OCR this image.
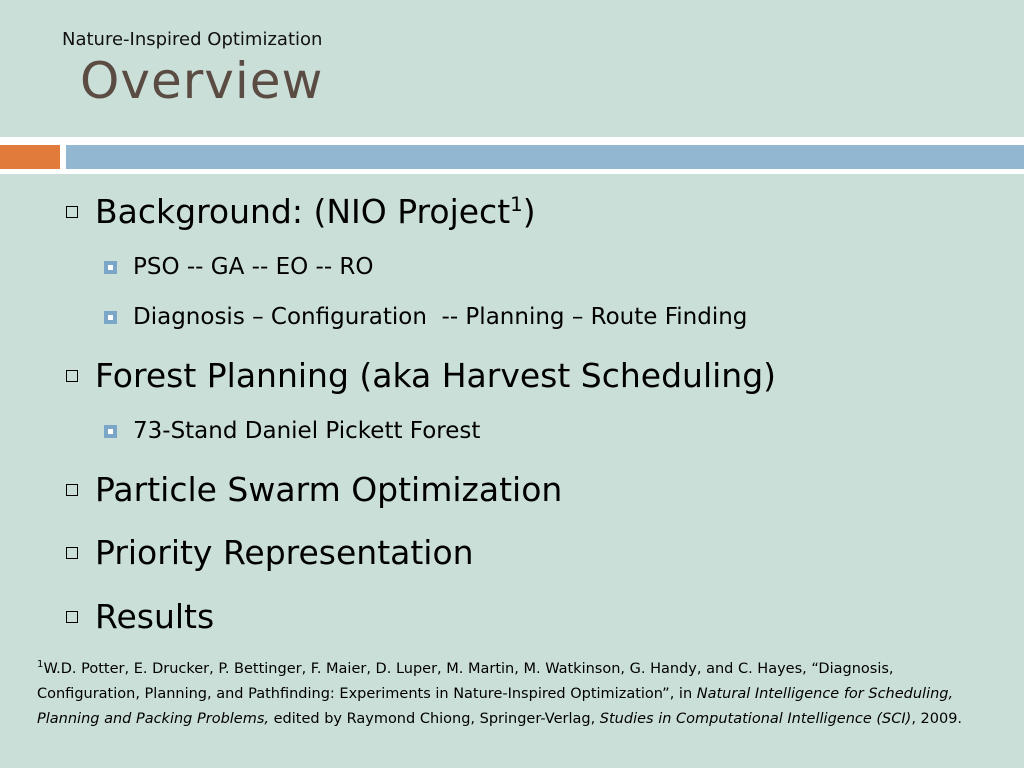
Nature-Inspired Optimization
Overview
Background: (NIO Project$^1$)
PSO -- GA -- EO -- RO
Diagnosis – Configuration  -- Planning – Route Finding
Forest Planning (aka Harvest Scheduling)
73-Stand Daniel Pickett Forest
Particle Swarm Optimization
Priority Representation
Results
$^1$W.D. Potter, E. Drucker, P. Bettinger, F. Maier, D. Luper, M. Martin, M. Watkinson, G. Handy, and C. Hayes, “Diagnosis, Configuration, Planning, and Pathfinding: Experiments in Nature-Inspired Optimization”, in Natural Intelligence for Scheduling, Planning and Packing Problems, edited by Raymond Chiong, Springer-Verlag, Studies in Computational Intelligence (SCI), 2009.
